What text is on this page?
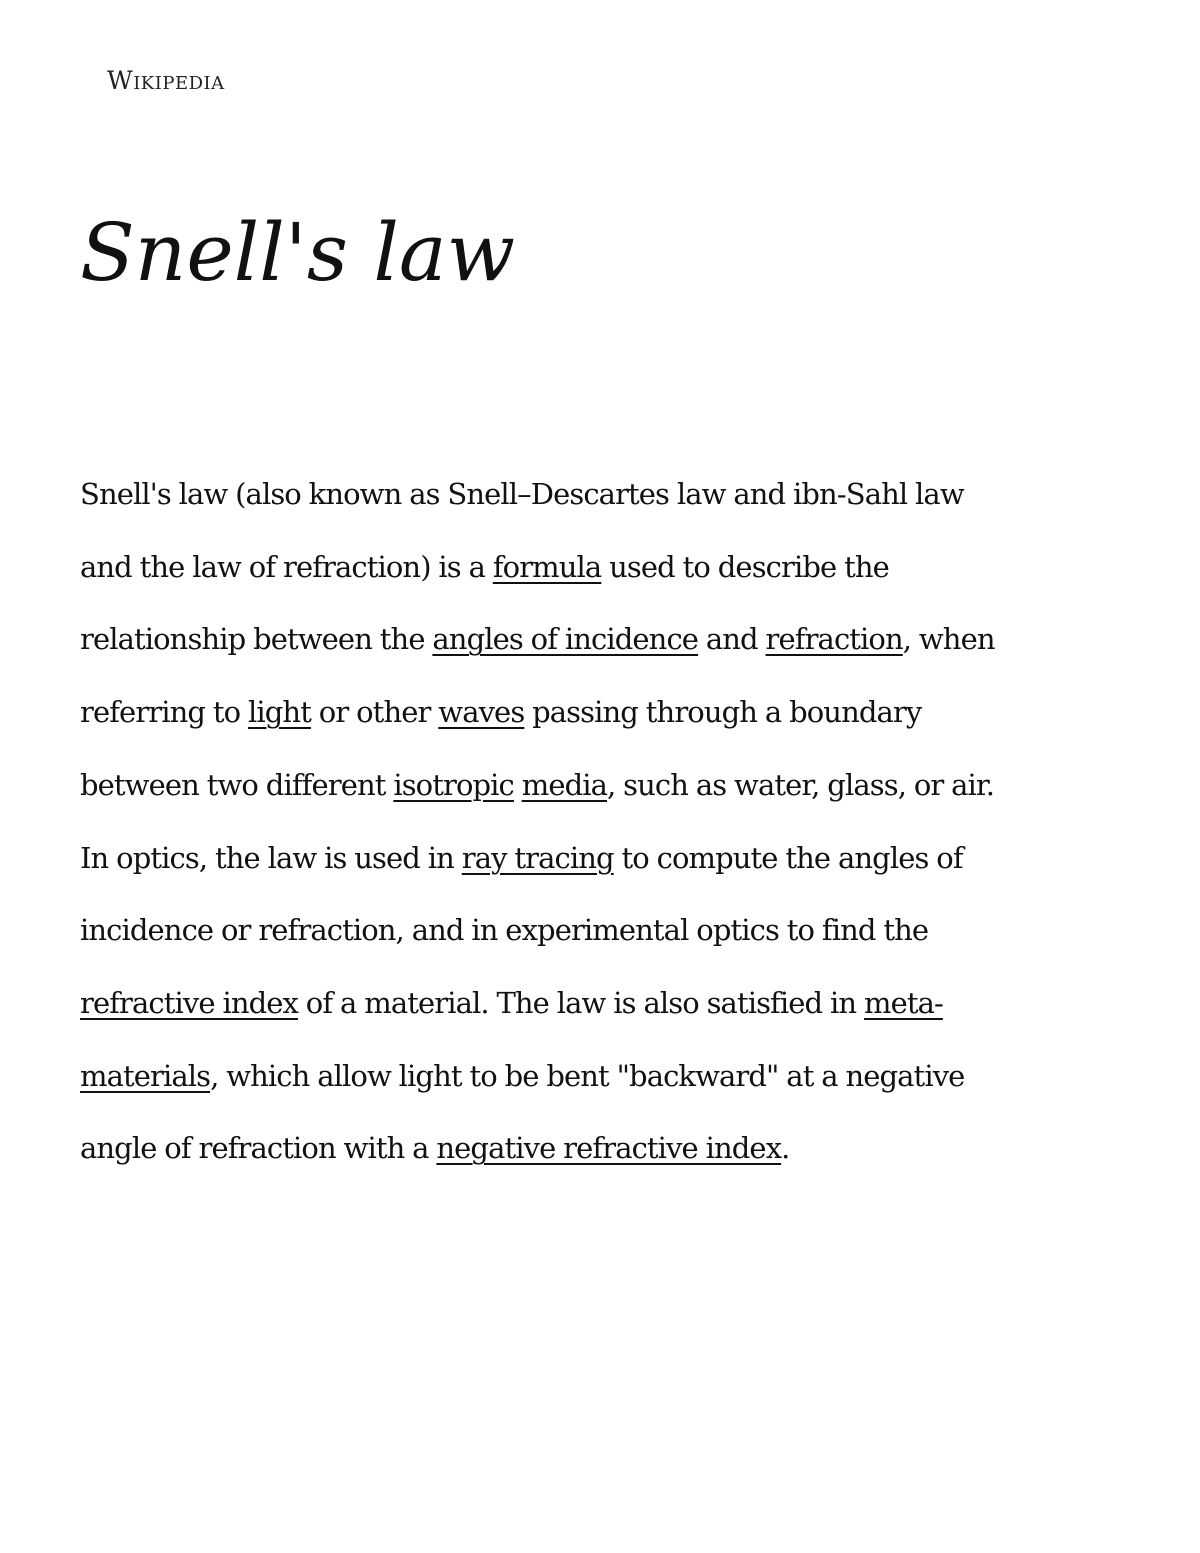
Wikipedia
Snell's law

Snell's law (also known as Snell–Descartes law and ibn-Sahl law
and the law of refraction) is a formula used to describe the
relationship between the angles of incidence and refraction, when
referring to light or other waves passing through a boundary
between two different isotropic media, such as water, glass, or air.
In optics, the law is used in ray tracing to compute the angles of
incidence or refraction, and in experimental optics to find the
refractive index of a material. The law is also satisfied in meta-
materials, which allow light to be bent "backward" at a negative
angle of refraction with a negative refractive index.
